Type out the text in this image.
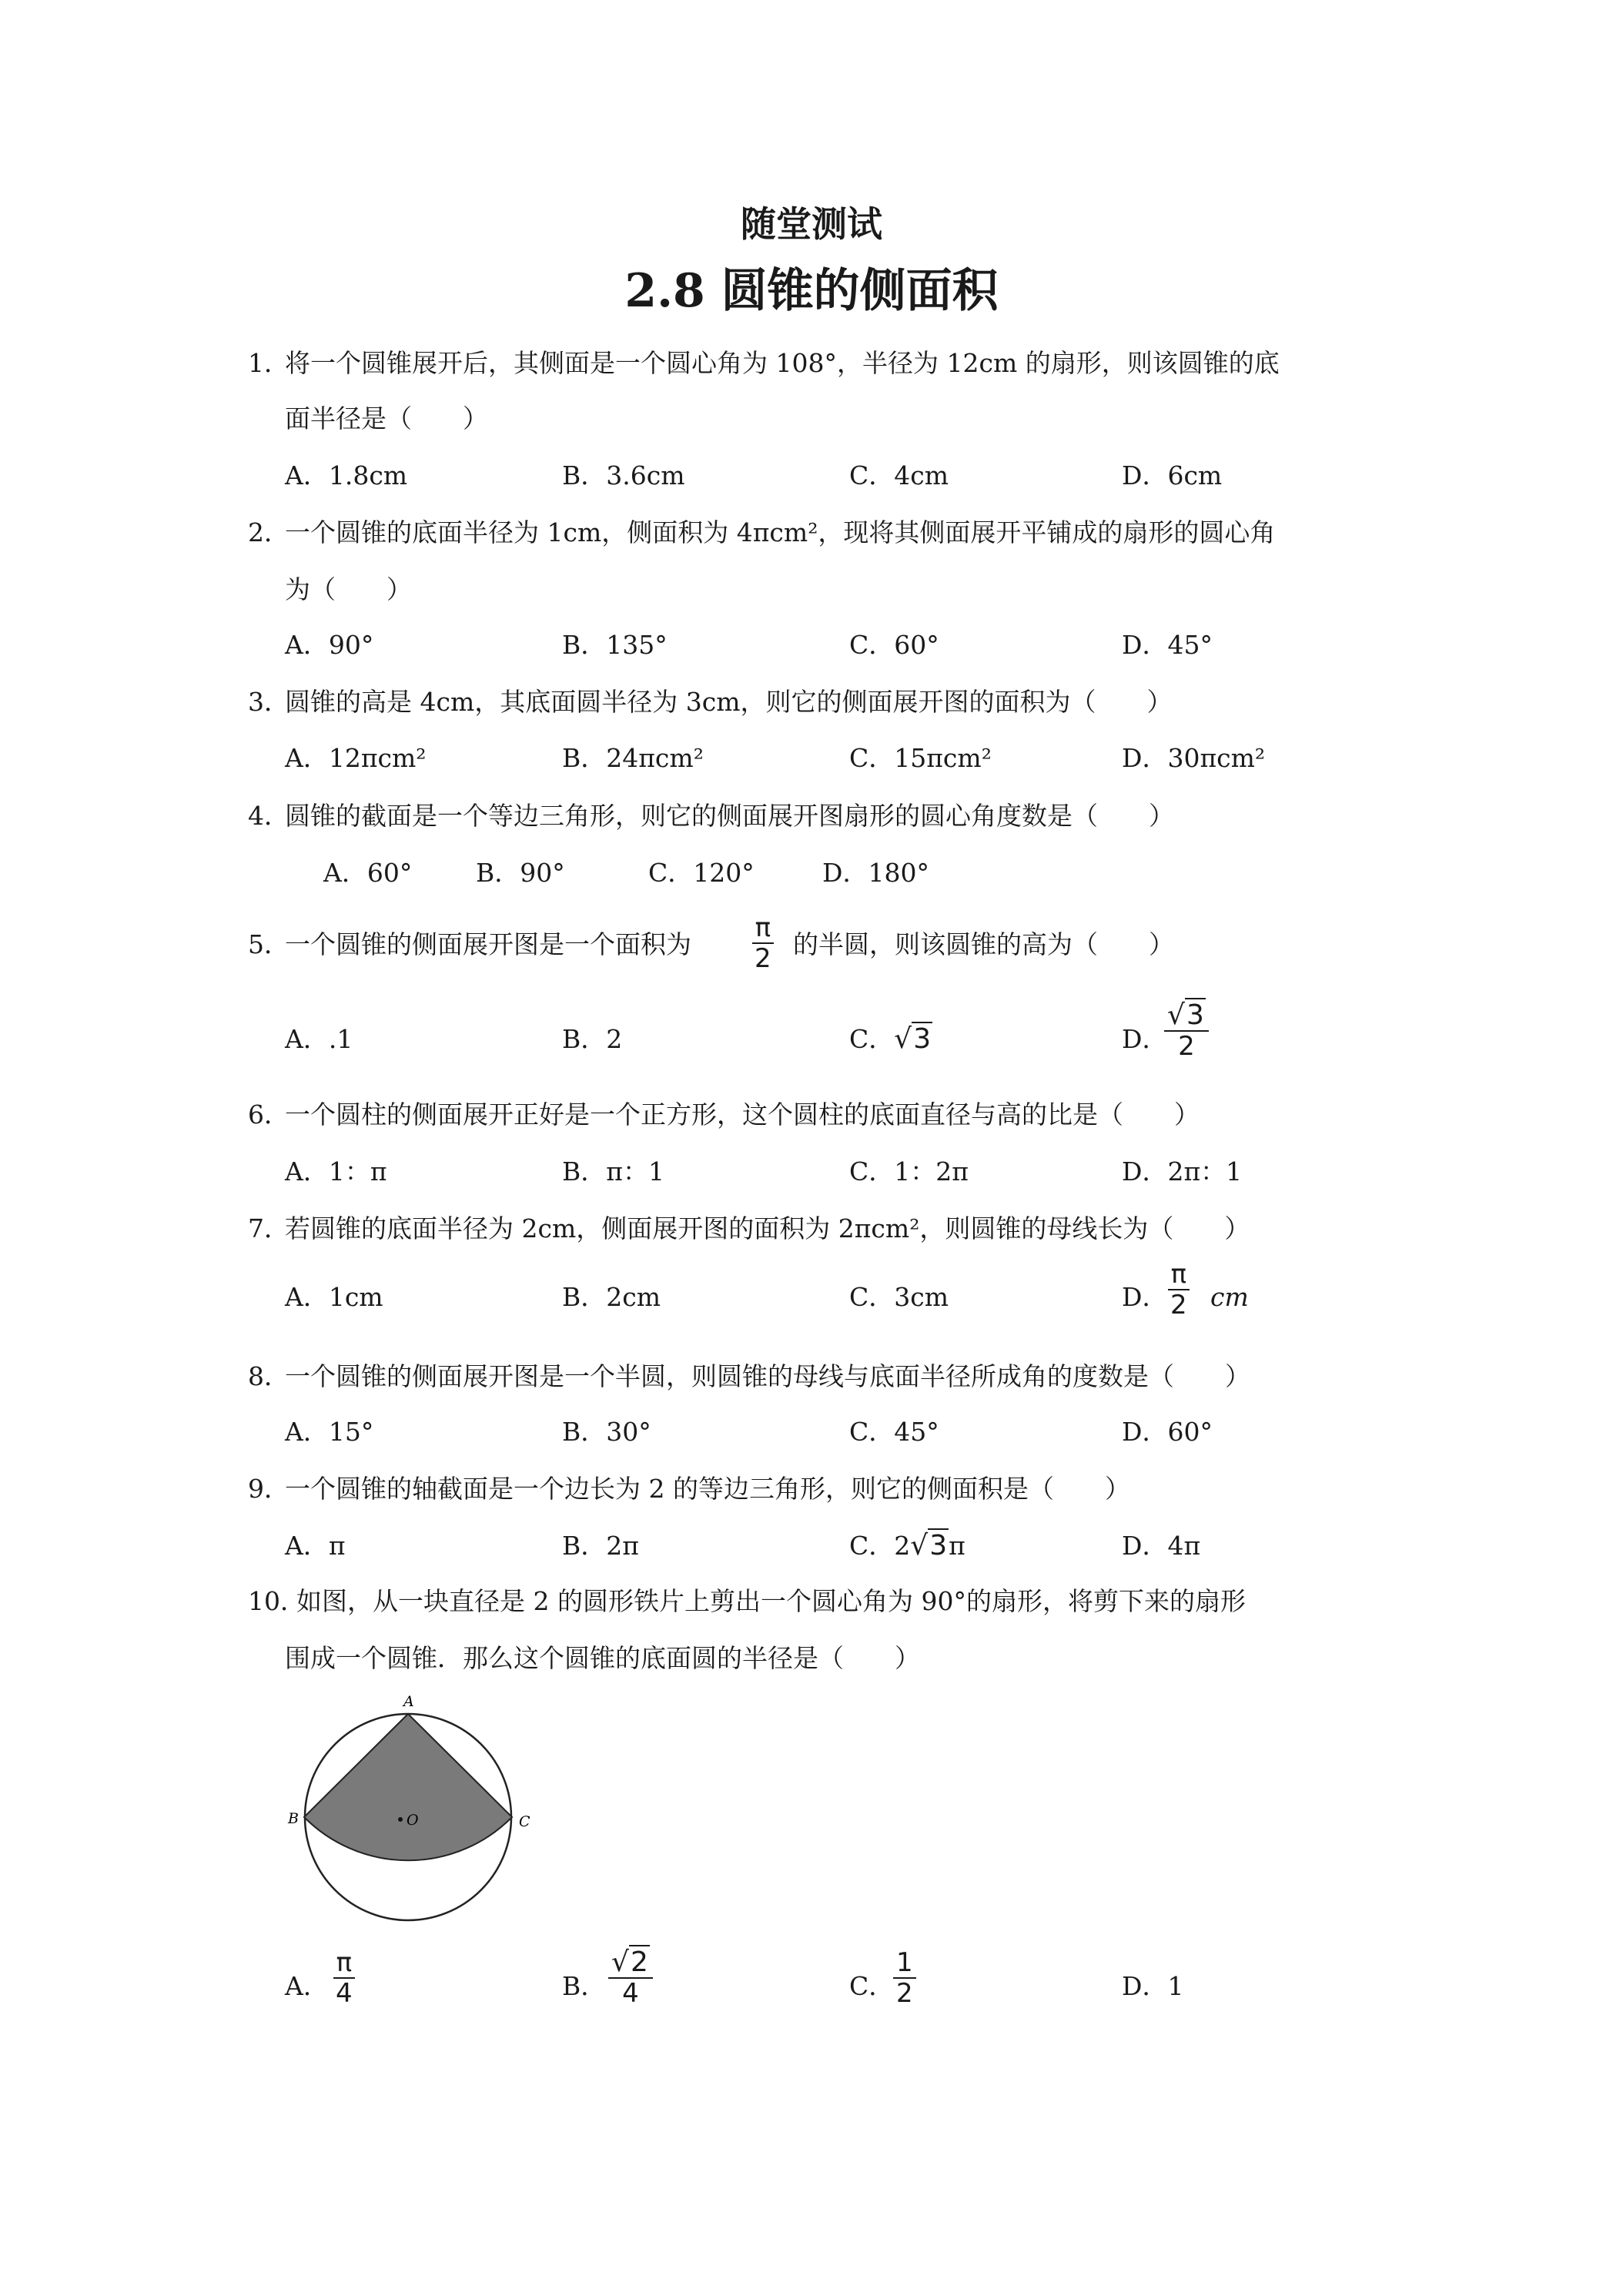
随堂测试
2.8 圆锥的侧面积
1．
将一个圆锥展开后，其侧面是一个圆心角为 108°，半径为 12cm 的扇形，则该圆锥的底
面半径是（　　）
A．1.8cm	B．3.6cm	C．4cm	D．6cm
2．
一个圆锥的底面半径为 1cm，侧面积为 4πcm²，现将其侧面展开平铺成的扇形的圆心角
为（　　）
A．90°	B．135°	C．60°	D．45°
3．
圆锥的高是 4cm，其底面圆半径为 3cm，则它的侧面展开图的面积为（　　）
A．12πcm²	B．24πcm²	C．15πcm²	D．30πcm²
4．
圆锥的截面是一个等边三角形，则它的侧面展开图扇形的圆心角度数是（　　）
A．60°	B．90°	C．120°	D．180°
5．
一个圆锥的侧面展开图是一个面积为 $\frac{\pi}{2}$ 的半圆，则该圆锥的高为（　　）
A．.1	B．2	C．√3	D．
$\frac{√3}{2}$
6．
一个圆柱的侧面展开正好是一个正方形，这个圆柱的底面直径与高的比是（　　）
A．1：π	B．π：1	C．1：2π	D．2π：1
7．
若圆锥的底面半径为 2cm，侧面展开图的面积为 2πcm²，则圆锥的母线长为（　　）
A．1cm	B．2cm	C．3cm	D． $\frac{\pi}{2}$ cm
8．
一个圆锥的侧面展开图是一个半圆，则圆锥的母线与底面半径所成角的度数是（　　）
A．15°	B．30°	C．45°	D．60°
9．
一个圆锥的轴截面是一个边长为 2 的等边三角形，则它的侧面积是（　　）
A．π	B．2π	C．2√3π	D．4π
10．
如图，从一块直径是 2 的圆形铁片上剪出一个圆心角为 90°的扇形，将剪下来的扇形
围成一个圆锥．那么这个圆锥的底面圆的半径是（　　）
A
B	C
O
A． $\frac{\pi}{4}$	B． $\frac{√2}{4}$	C．
$\frac{1}{2}$	D．1
